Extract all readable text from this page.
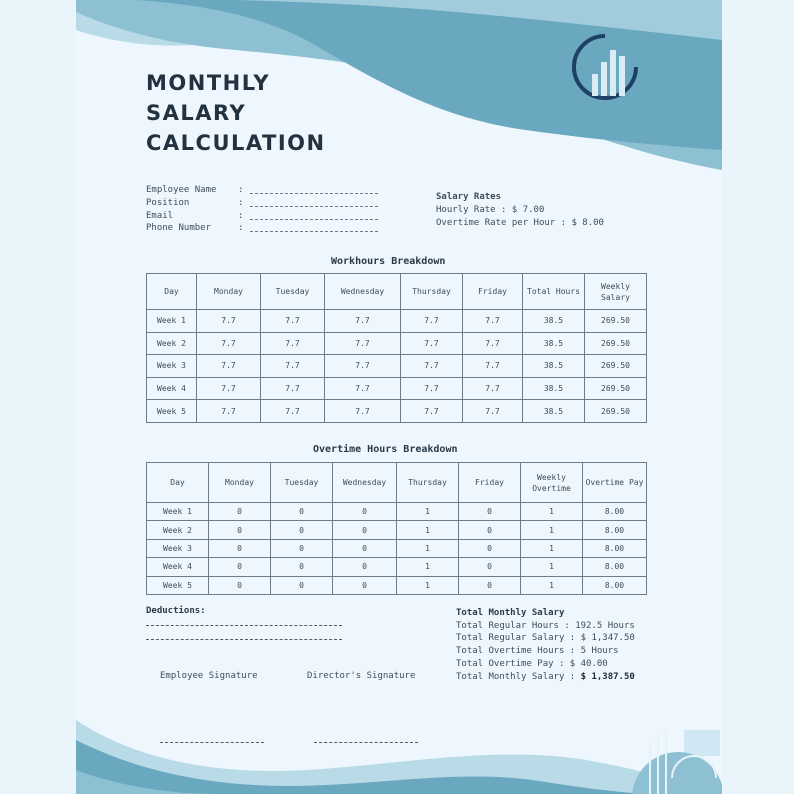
MONTHLY
SALARY
CALCULATION
Employee Name	:
Position	:
Email	:
Phone Number	:
Salary Rates
Hourly Rate : $ 7.00
Overtime Rate per Hour : $ 8.00
Workhours Breakdown
Day	Monday	Tuesday	Wednesday	Thursday	Friday	Total Hours	Weekly Salary
Week 1	7.7	7.7	7.7	7.7	7.7	38.5	269.50
Week 2	7.7	7.7	7.7	7.7	7.7	38.5	269.50
Week 3	7.7	7.7	7.7	7.7	7.7	38.5	269.50
Week 4	7.7	7.7	7.7	7.7	7.7	38.5	269.50
Week 5	7.7	7.7	7.7	7.7	7.7	38.5	269.50
Overtime Hours Breakdown
Day	Monday	Tuesday	Wednesday	Thursday	Friday	Weekly Overtime	Overtime Pay
Week 1	0	0	0	1	0	1	8.00
Week 2	0	0	0	1	0	1	8.00
Week 3	0	0	0	1	0	1	8.00
Week 4	0	0	0	1	0	1	8.00
Week 5	0	0	0	1	0	1	8.00
Deductions:
Employee Signature	Director's Signature
Total Monthly Salary
Total Regular Hours : 192.5 Hours
Total Regular Salary : $ 1,347.50
Total Overtime Hours : 5 Hours
Total Overtime Pay : $ 40.00
Total Monthly Salary : $ 1,387.50
